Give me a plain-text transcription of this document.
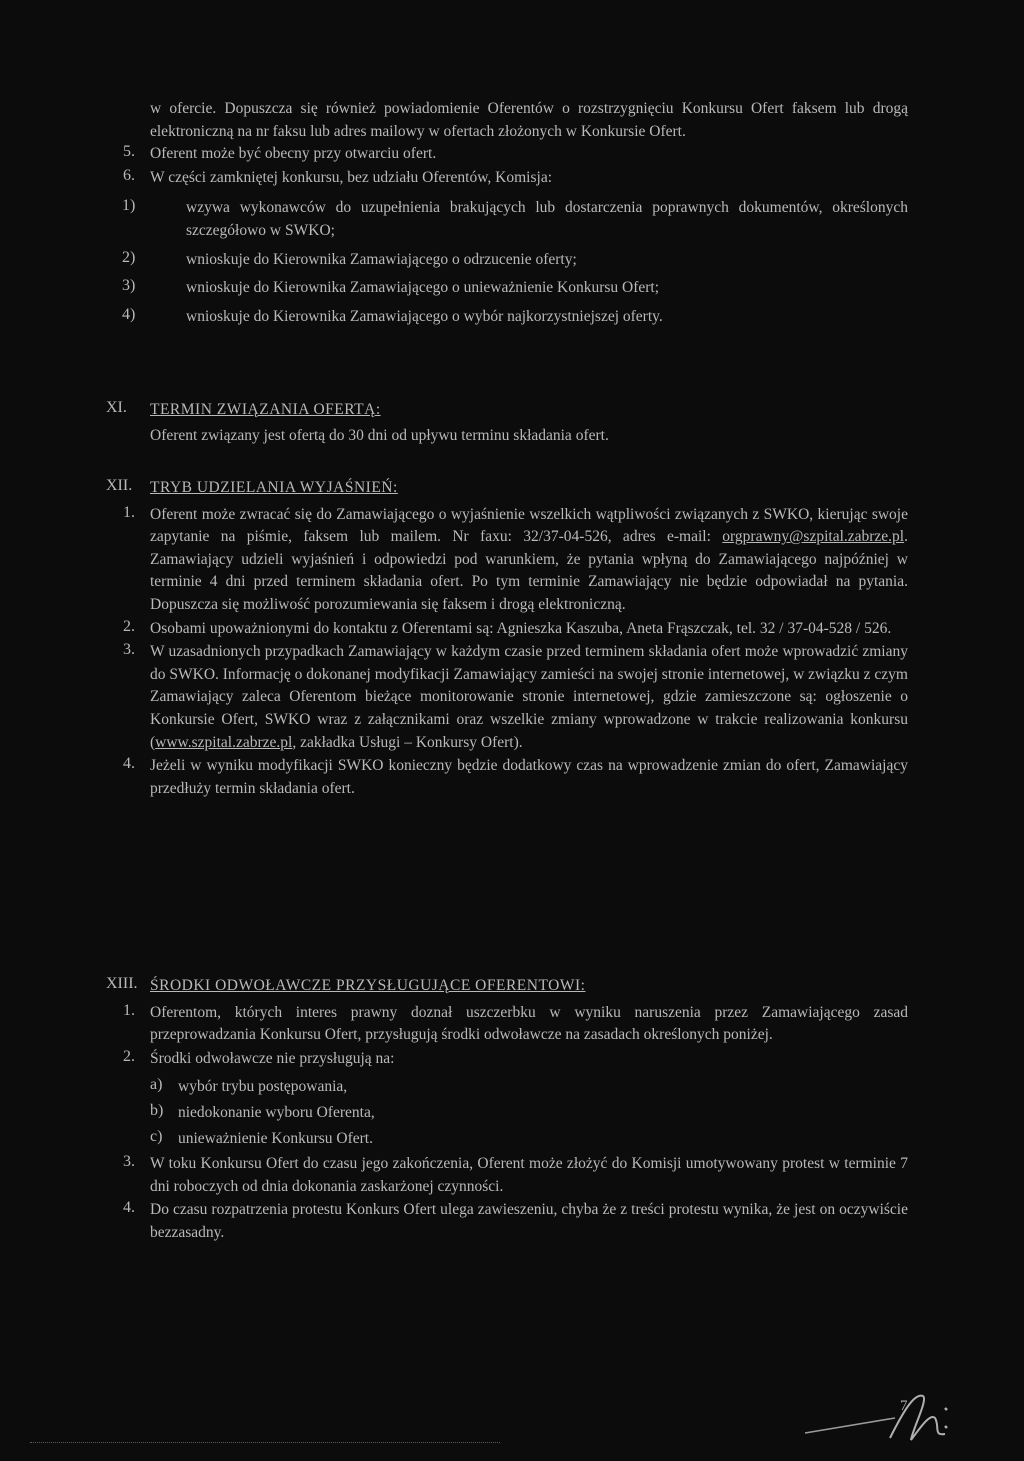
w ofercie. Dopuszcza się również powiadomienie Oferentów o rozstrzygnięciu Konkursu Ofert faksem lub drogą elektroniczną na nr faksu lub adres mailowy w ofertach złożonych w Konkursie Ofert.

5. Oferent może być obecny przy otwarciu ofert.

6. W części zamkniętej konkursu, bez udziału Oferentów, Komisja:

1)	wzywa wykonawców do uzupełnienia brakujących lub dostarczenia poprawnych dokumentów, określonych szczegółowo w SWKO;

2)	wnioskuje do Kierownika Zamawiającego o odrzucenie oferty;

3)	wnioskuje do Kierownika Zamawiającego o unieważnienie Konkursu Ofert;

4)	wnioskuje do Kierownika Zamawiającego o wybór najkorzystniejszej oferty.

XI. TERMIN ZWIĄZANIA OFERTĄ:

Oferent związany jest ofertą do 30 dni od upływu terminu składania ofert.

XII. TRYB UDZIELANIA WYJAŚNIEŃ:
1. Oferent może zwracać się do Zamawiającego o wyjaśnienie wszelkich wątpliwości związanych z SWKO, kierując swoje zapytanie na piśmie, faksem lub mailem. Nr faxu: 32/37-04-526, adres e-mail: orgprawny@szpital.zabrze.pl. Zamawiający udzieli wyjaśnień i odpowiedzi pod warunkiem, że pytania wpłyną do Zamawiającego najpóźniej w terminie 4 dni przed terminem składania ofert. Po tym terminie Zamawiający nie będzie odpowiadał na pytania. Dopuszcza się możliwość porozumiewania się faksem i drogą elektroniczną.

2. Osobami upoważnionymi do kontaktu z Oferentami są: Agnieszka Kaszuba, Aneta Frąszczak, tel. 32 / 37-04-528 / 526.

3. W uzasadnionych przypadkach Zamawiający w każdym czasie przed terminem składania ofert może wprowadzić zmiany do SWKO. Informację o dokonanej modyfikacji Zamawiający zamieści na swojej stronie internetowej, w związku z czym Zamawiający zaleca Oferentom bieżące monitorowanie stronie internetowej, gdzie zamieszczone są: ogłoszenie o Konkursie Ofert, SWKO wraz z załącznikami oraz wszelkie zmiany wprowadzone w trakcie realizowania konkursu (www.szpital.zabrze.pl, zakładka Usługi – Konkursy Ofert).

4. Jeżeli w wyniku modyfikacji SWKO konieczny będzie dodatkowy czas na wprowadzenie zmian do ofert, Zamawiający przedłuży termin składania ofert.

XIII. ŚRODKI ODWOŁAWCZE PRZYSŁUGUJĄCE OFERENTOWI:
1. Oferentom, których interes prawny doznał uszczerbku w wyniku naruszenia przez Zamawiającego zasad przeprowadzania Konkursu Ofert, przysługują środki odwoławcze na zasadach określonych poniżej.

2. Środki odwoławcze nie przysługują na:

a) wybór trybu postępowania,

b) niedokonanie wyboru Oferenta,

c) unieważnienie Konkursu Ofert.

3. W toku Konkursu Ofert do czasu jego zakończenia, Oferent może złożyć do Komisji umotywowany protest w terminie 7 dni roboczych od dnia dokonania zaskarżonej czynności.

4. Do czasu rozpatrzenia protestu Konkurs Ofert ulega zawieszeniu, chyba że z treści protestu wynika, że jest on oczywiście bezzasadny.

7
